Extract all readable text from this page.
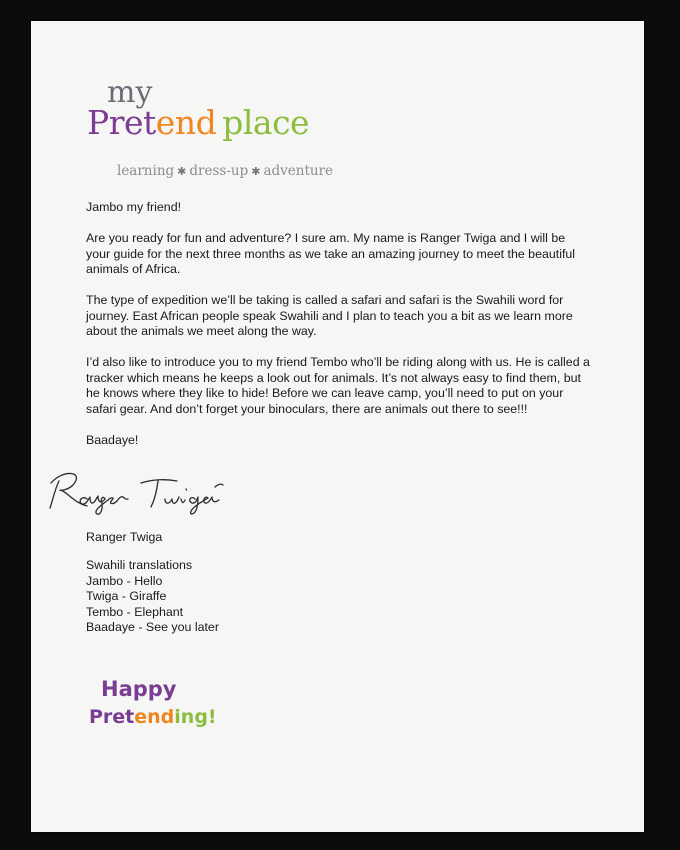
my
Pretend place
learning ✱ dress-up ✱ adventure

Jambo my friend!

Are you ready for fun and adventure? I sure am. My name is Ranger Twiga and I will be your guide for the next three months as we take an amazing journey to meet the beautiful animals of Africa.

The type of expedition we’ll be taking is called a safari and safari is the Swahili word for journey. East African people speak Swahili and I plan to teach you a bit as we learn more about the animals we meet along the way.

I’d also like to introduce you to my friend Tembo who’ll be riding along with us. He is called a tracker which means he keeps a look out for animals. It’s not always easy to find them, but he knows where they like to hide! Before we can leave camp, you’ll need to put on your safari gear. And don’t forget your binoculars, there are animals out there to see!!!

Baadaye!

Ranger Twiga
Swahili translations
Jambo - Hello
Twiga - Giraffe
Tembo - Elephant
Baadaye - See you later
Happy
Pretending!
